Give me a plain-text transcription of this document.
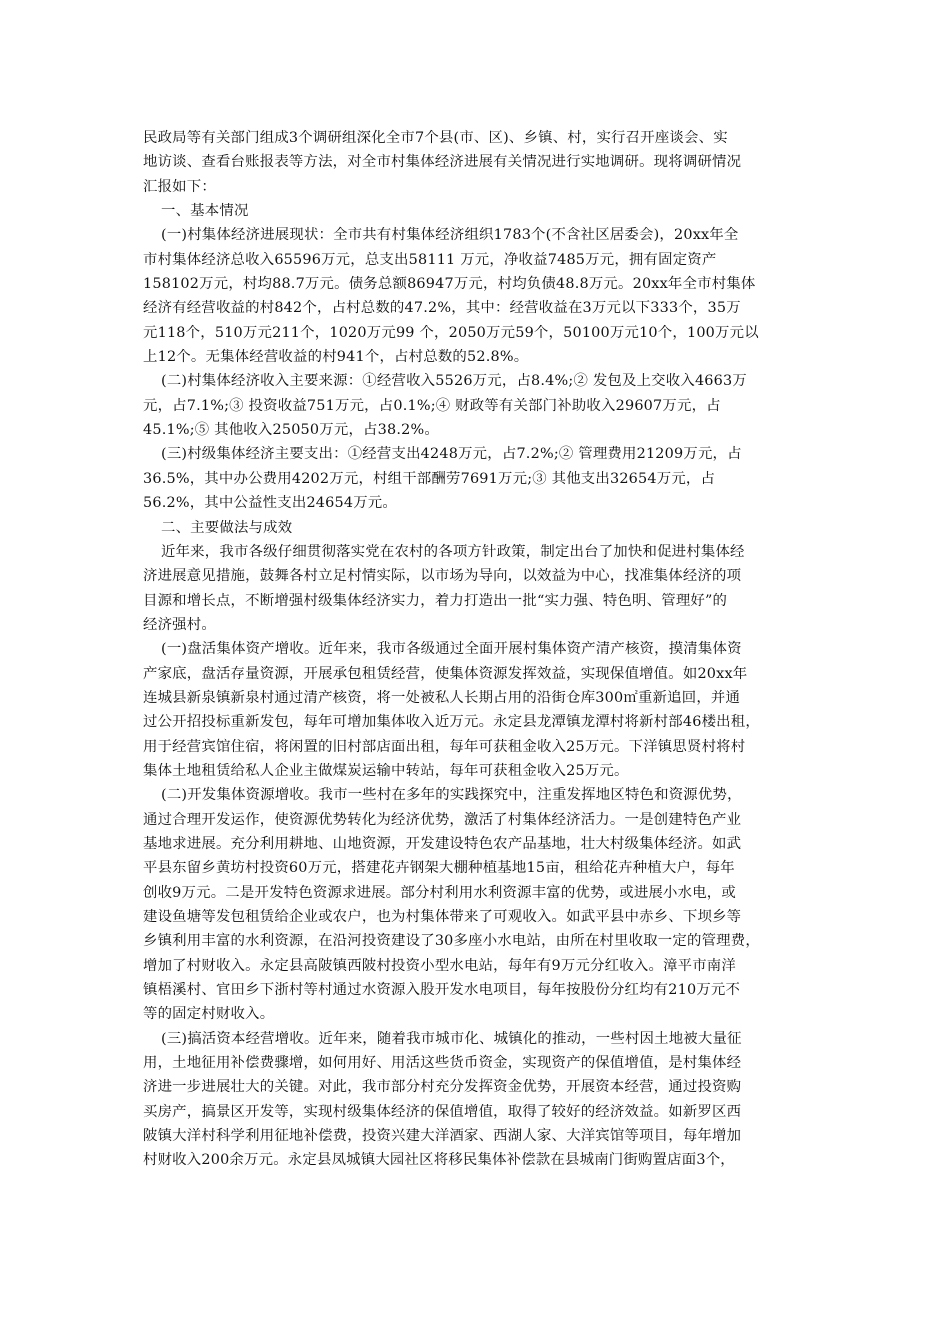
民政局等有关部门组成3个调研组深化全市7个县(市、区)、乡镇、村，实行召开座谈会、实
地访谈、查看台账报表等方法，对全市村集体经济进展有关情况进行实地调研。现将调研情况
汇报如下：
一、基本情况
(一)村集体经济进展现状：全市共有村集体经济组织1783个(不含社区居委会)，20xx年全
市村集体经济总收入65596万元，总支出58111 万元，净收益7485万元，拥有固定资产
158102万元，村均88.7万元。债务总额86947万元，村均负债48.8万元。20xx年全市村集体
经济有经营收益的村842个，占村总数的47.2%，其中：经营收益在3万元以下333个，35万
元118个，510万元211个，1020万元99 个，2050万元59个，50100万元10个，100万元以
上12个。无集体经营收益的村941个，占村总数的52.8%。
(二)村集体经济收入主要来源：①经营收入5526万元，占8.4%;② 发包及上交收入4663万
元，占7.1%;③ 投资收益751万元，占0.1%;④ 财政等有关部门补助收入29607万元，占
45.1%;⑤ 其他收入25050万元，占38.2%。
(三)村级集体经济主要支出：①经营支出4248万元，占7.2%;② 管理费用21209万元，占
36.5%，其中办公费用4202万元，村组干部酬劳7691万元;③ 其他支出32654万元，占
56.2%，其中公益性支出24654万元。
二、主要做法与成效
近年来，我市各级仔细贯彻落实党在农村的各项方针政策，制定出台了加快和促进村集体经
济进展意见措施，鼓舞各村立足村情实际，以市场为导向，以效益为中心，找准集体经济的项
目源和增长点，不断增强村级集体经济实力，着力打造出一批“实力强、特色明、管理好”的
经济强村。
(一)盘活集体资产增收。近年来，我市各级通过全面开展村集体资产清产核资，摸清集体资
产家底，盘活存量资源，开展承包租赁经营，使集体资源发挥效益，实现保值增值。如20xx年
连城县新泉镇新泉村通过清产核资，将一处被私人长期占用的沿街仓库300㎡重新追回，并通
过公开招投标重新发包，每年可增加集体收入近万元。永定县龙潭镇龙潭村将新村部46楼出租，
用于经营宾馆住宿，将闲置的旧村部店面出租，每年可获租金收入25万元。下洋镇思贤村将村
集体土地租赁给私人企业主做煤炭运输中转站，每年可获租金收入25万元。
(二)开发集体资源增收。我市一些村在多年的实践探究中，注重发挥地区特色和资源优势，
通过合理开发运作，使资源优势转化为经济优势，激活了村集体经济活力。一是创建特色产业
基地求进展。充分利用耕地、山地资源，开发建设特色农产品基地，壮大村级集体经济。如武
平县东留乡黄坊村投资60万元，搭建花卉钢架大棚种植基地15亩，租给花卉种植大户，每年
创收9万元。二是开发特色资源求进展。部分村利用水利资源丰富的优势，或进展小水电，或
建设鱼塘等发包租赁给企业或农户，也为村集体带来了可观收入。如武平县中赤乡、下坝乡等
乡镇利用丰富的水利资源，在沿河投资建设了30多座小水电站，由所在村里收取一定的管理费，
增加了村财收入。永定县高陂镇西陂村投资小型水电站，每年有9万元分红收入。漳平市南洋
镇梧溪村、官田乡下浙村等村通过水资源入股开发水电项目，每年按股份分红均有210万元不
等的固定村财收入。
(三)搞活资本经营增收。近年来，随着我市城市化、城镇化的推动，一些村因土地被大量征
用，土地征用补偿费骤增，如何用好、用活这些货币资金，实现资产的保值增值，是村集体经
济进一步进展壮大的关键。对此，我市部分村充分发挥资金优势，开展资本经营，通过投资购
买房产，搞景区开发等，实现村级集体经济的保值增值，取得了较好的经济效益。如新罗区西
陂镇大洋村科学利用征地补偿费，投资兴建大洋酒家、西湖人家、大洋宾馆等项目，每年增加
村财收入200余万元。永定县凤城镇大园社区将移民集体补偿款在县城南门街购置店面3个，
